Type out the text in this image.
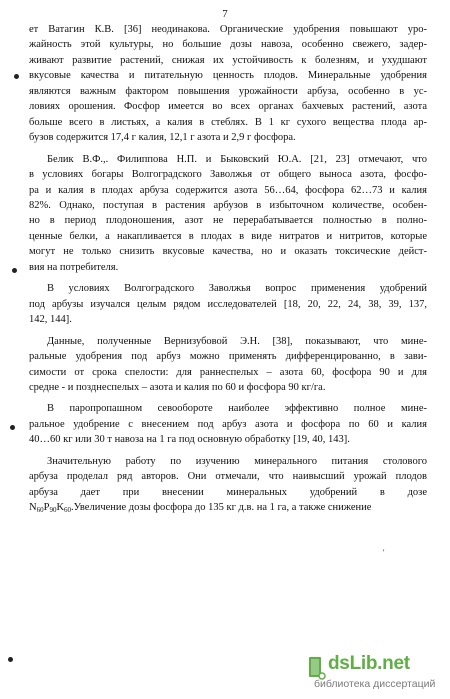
7
'
ет Ватагин К.В. [36] неодинакова. Органические удобрения повышают уро-
жайность этой культуры, но большие дозы навоза, особенно свежего, задер-
живают развитие растений, снижая их устойчивость к болезням, и ухудшают
вкусовые качества и питательную ценность плодов. Минеральные удобрения
являются важным фактором повышения урожайности арбуза, особенно в ус-
ловиях орошения. Фосфор имеется во всех органах бахчевых растений, азота
больше всего в листьях, а калия в стеблях. В 1 кг сухого вещества плода ар-
бузов содержится 17,4 г калия, 12,1 г азота и 2,9 г фосфора.
Белик В.Ф.,. Филиппова Н.П. и Быковский Ю.А. [21, 23] отмечают, что
в условиях богары Волгоградского Заволжья от общего выноса азота, фосфо-
ра и калия в плодах арбуза содержится азота 56…64, фосфора 62…73 и калия
82%. Однако, поступая в растения арбузов в избыточном количестве, особен-
но в период плодоношения, азот не перерабатывается полностью в полно-
ценные белки, а накапливается в плодах в виде нитратов и нитритов, которые
могут не только снизить вкусовые качества, но и оказать токсические дейст-
вия на потребителя.
В условиях Волгоградского Заволжья вопрос применения удобрений
под арбузы изучался целым рядом исследователей [18, 20, 22, 24, 38, 39, 137,
142, 144].
Данные, полученные Вернизубовой Э.Н. [38], показывают, что мине-
ральные удобрения под арбуз можно применять дифференцированно, в зави-
симости от срока спелости: для раннеспелых – азота 60, фосфора 90 и для
средне - и позднеспелых – азота и калия по 60 и фосфора 90 кг/га.
В паропропашном севообороте наиболее эффективно полное мине-
ральное удобрение с внесением под арбуз азота и фосфора по 60 и калия
40…60 кг или 30 т навоза на 1 га под основную обработку [19, 40, 143].
Значительную работу по изучению минерального питания столового
арбуза проделал ряд авторов. Они отмечали, что наивысший урожай плодов
арбуза дает при внесении минеральных удобрений в дозе
$N_{60}P_{90}K_{60}.Увеличение$ дозы фосфора до 135 кг д.в. на 1 га, а также снижение
dsLib.net
библиотека диссертаций
